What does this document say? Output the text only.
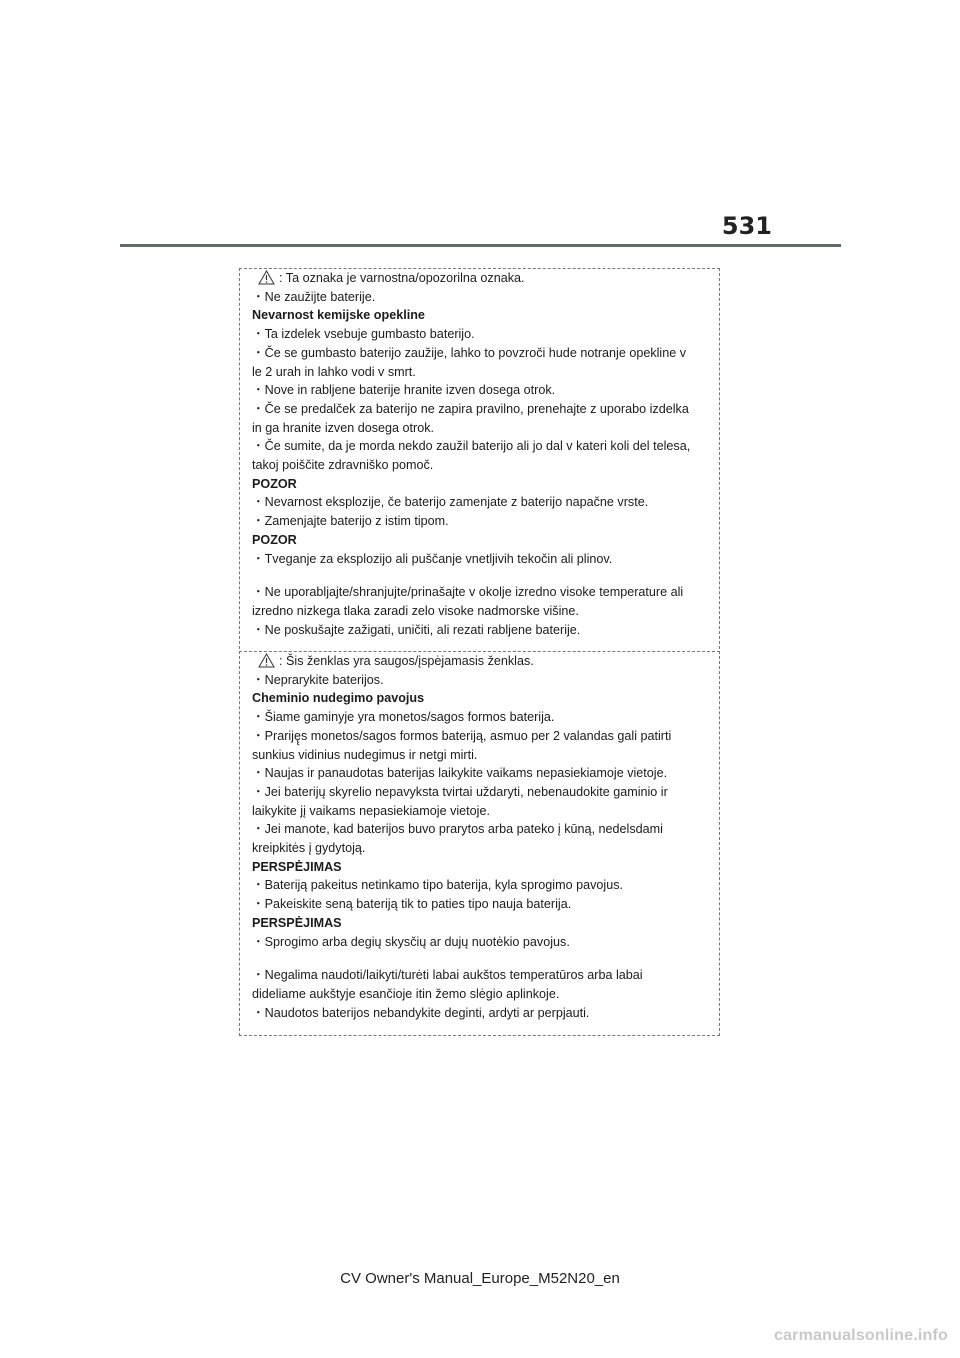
531
: Ta oznaka je varnostna/opozorilna oznaka.
・Ne zaužijte baterije.
Nevarnost kemijske opekline
・Ta izdelek vsebuje gumbasto baterijo.
・Če se gumbasto baterijo zaužije, lahko to povzroči hude notranje opekline v
le 2 urah in lahko vodi v smrt.
・Nove in rabljene baterije hranite izven dosega otrok.
・Če se predalček za baterijo ne zapira pravilno, prenehajte z uporabo izdelka
in ga hranite izven dosega otrok.
・Če sumite, da je morda nekdo zaužil baterijo ali jo dal v kateri koli del telesa,
takoj poiščite zdravniško pomoč.
POZOR
・Nevarnost eksplozije, če baterijo zamenjate z baterijo napačne vrste.
・Zamenjajte baterijo z istim tipom.
POZOR
・Tveganje za eksplozijo ali puščanje vnetljivih tekočin ali plinov.
・Ne uporabljajte/shranjujte/prinašajte v okolje izredno visoke temperature ali
izredno nizkega tlaka zaradi zelo visoke nadmorske višine.
・Ne poskušajte zažigati, uničiti, ali rezati rabljene baterije.
: Šis ženklas yra saugos/įspėjamasis ženklas.
・Neprarykite baterijos.
Cheminio nudegimo pavojus
・Šiame gaminyje yra monetos/sagos formos baterija.
・Prariję̨s monetos/sagos formos bateriją, asmuo per 2 valandas gali patirti
sunkius vidinius nudegimus ir netgi mirti.
・Naujas ir panaudotas baterijas laikykite vaikams nepasiekiamoje vietoje.
・Jei baterijų skyrelio nepavyksta tvirtai uždaryti, nebenaudokite gaminio ir
laikykite jį vaikams nepasiekiamoje vietoje.
・Jei manote, kad baterijos buvo prarytos arba pateko į kūną, nedelsdami
kreipkitės į gydytoją.
PERSPĖJIMAS
・Bateriją pakeitus netinkamo tipo baterija, kyla sprogimo pavojus.
・Pakeiskite seną bateriją tik to paties tipo nauja baterija.
PERSPĖJIMAS
・Sprogimo arba degių skysčių ar dujų nuotėkio pavojus.
・Negalima naudoti/laikyti/turėti labai aukštos temperatūros arba labai
dideliame aukštyje esančioje itin žemo slėgio aplinkoje.
・Naudotos baterijos nebandykite deginti, ardyti ar perpjauti.
CV Owner's Manual_Europe_M52N20_en
carmanualsonline.info
